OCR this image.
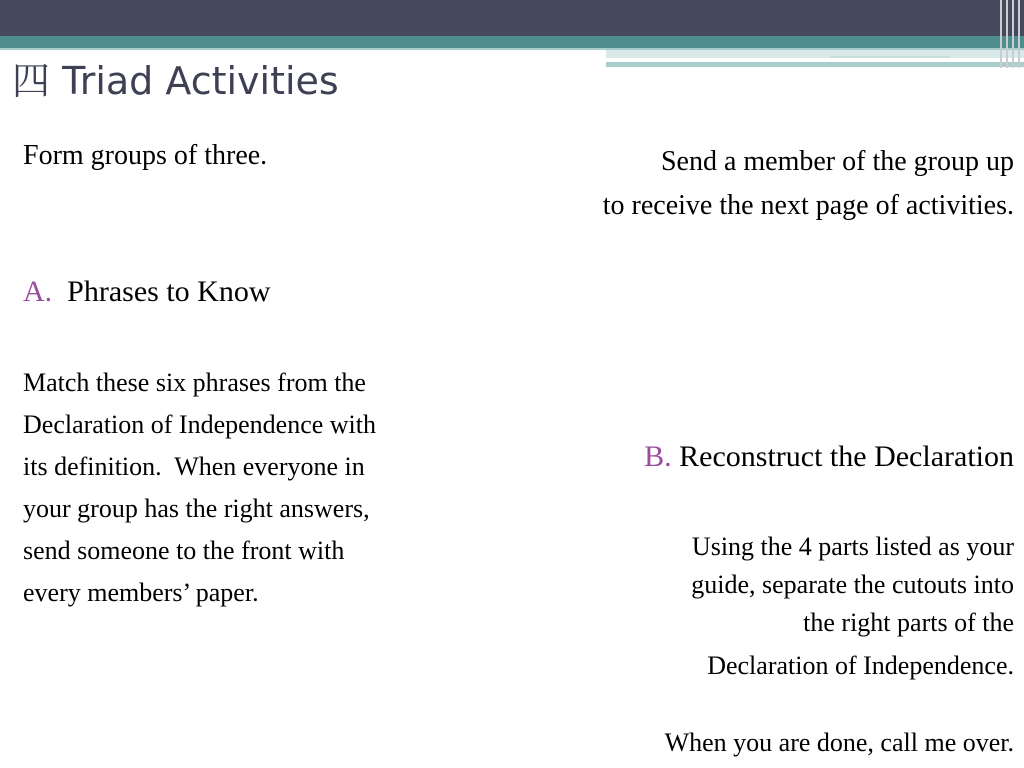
四 Triad Activities
Form groups of three.	Send a member of the group up
to receive the next page of activities.
A. Phrases to Know
Match these six phrases from the
Declaration of Independence with
its definition.  When everyone in
your group has the right answers,
send someone to the front with
every members’ paper.
B. Reconstruct the Declaration
Using the 4 parts listed as your
guide, separate the cutouts into
the right parts of the
Declaration of Independence.
When you are done, call me over.
